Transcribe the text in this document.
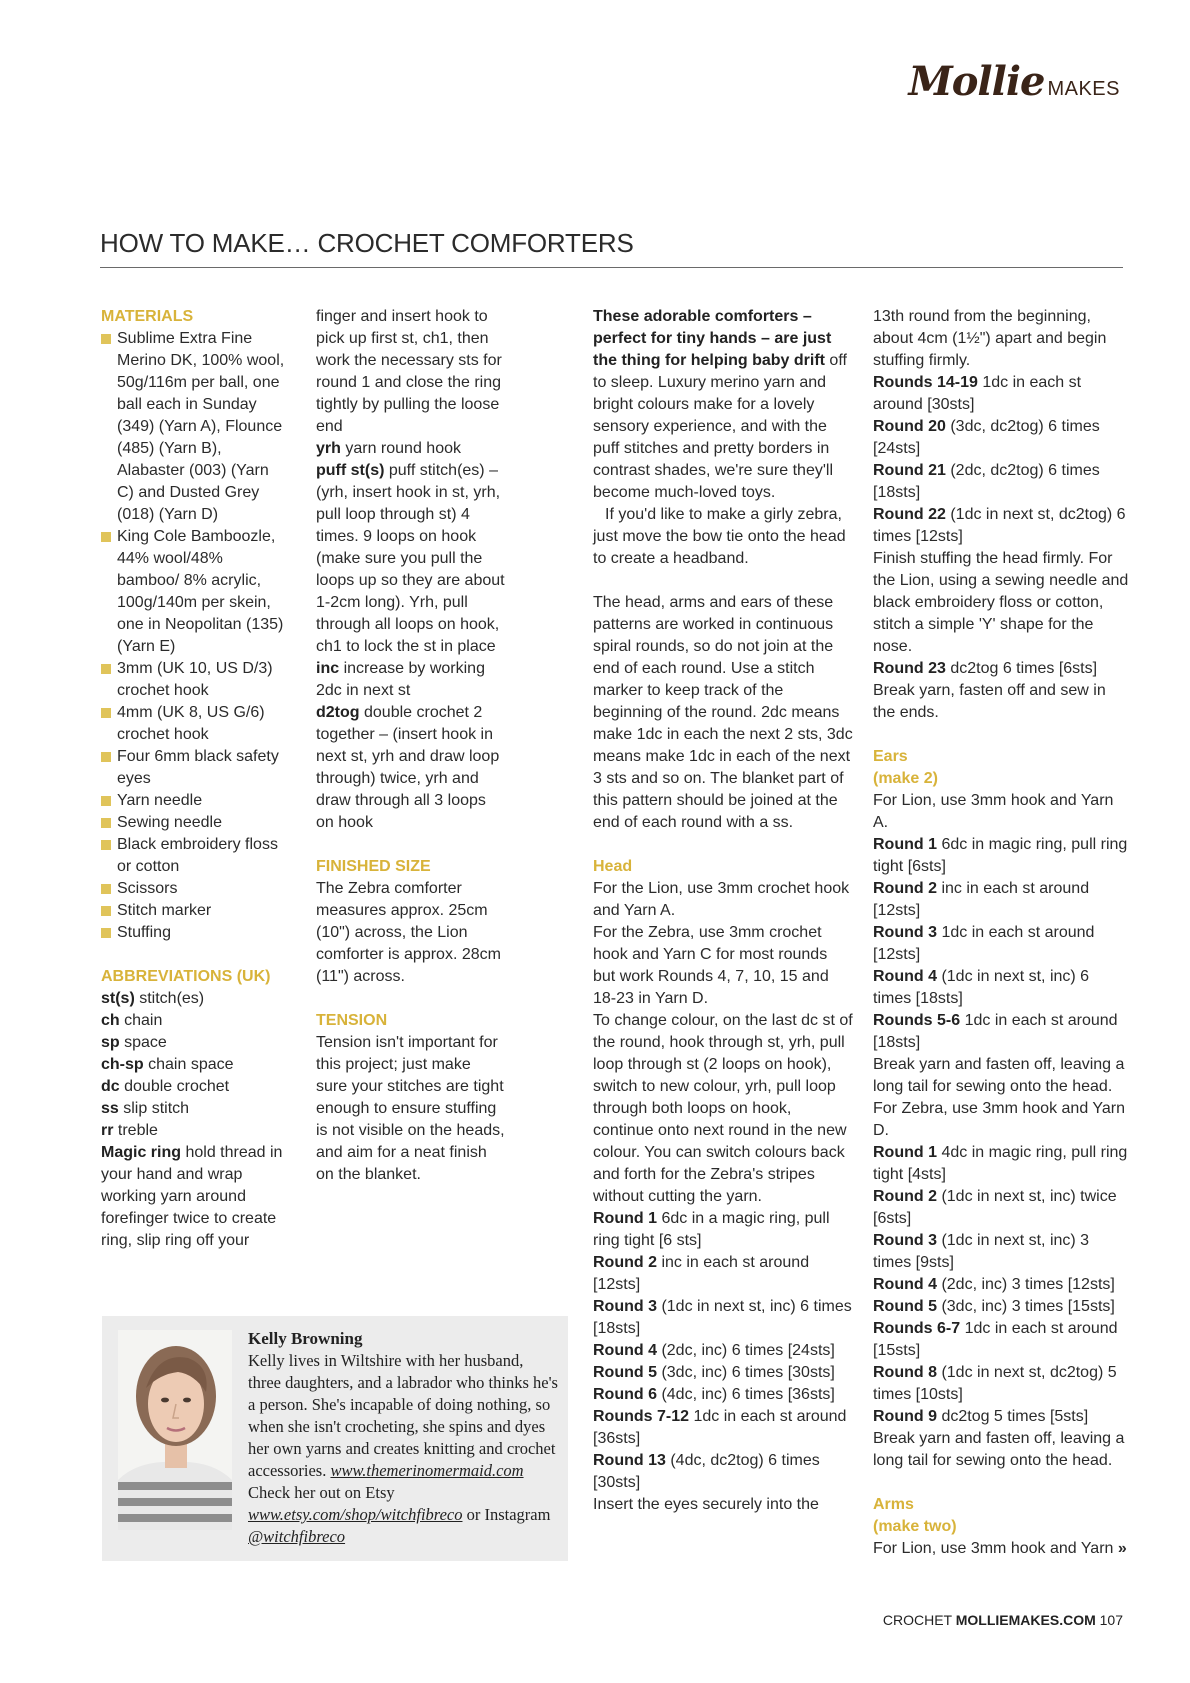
Mollie MAKES
HOW TO MAKE… CROCHET COMFORTERS

MATERIALS

Sublime Extra Fine Merino DK, 100% wool, 50g/116m per ball, one ball each in Sunday (349) (Yarn A), Flounce (485) (Yarn B), Alabaster (003) (Yarn C) and Dusted Grey (018) (Yarn D)
King Cole Bamboozle, 44% wool/48% bamboo/ 8% acrylic, 100g/140m per skein, one in Neopolitan (135) (Yarn E)
3mm (UK 10, US D/3) crochet hook
4mm (UK 8, US G/6) crochet hook
Four 6mm black safety eyes
Yarn needle
Sewing needle
Black embroidery floss or cotton
Scissors
Stitch marker
Stuffing

ABBREVIATIONS (UK)

st(s) stitch(es)

ch chain

sp space

ch-sp chain space

dc double crochet

ss slip stitch

rr treble

Magic ring hold thread in your hand and wrap working yarn around forefinger twice to create ring, slip ring off your

finger and insert hook to pick up first st, ch1, then work the necessary sts for round 1 and close the ring tightly by pulling the loose end

yrh yarn round hook

puff st(s) puff stitch(es) – (yrh, insert hook in st, yrh, pull loop through st) 4 times. 9 loops on hook (make sure you pull the loops up so they are about 1-2cm long). Yrh, pull through all loops on hook, ch1 to lock the st in place

inc increase by working 2dc in next st

d2tog double crochet 2 together – (insert hook in next st, yrh and draw loop through) twice, yrh and draw through all 3 loops on hook

FINISHED SIZE

The Zebra comforter measures approx. 25cm (10") across, the Lion comforter is approx. 28cm (11") across.

TENSION

Tension isn't important for this project; just make sure your stitches are tight enough to ensure stuffing is not visible on the heads, and aim for a neat finish on the blanket.

These adorable comforters – perfect for tiny hands – are just the thing for helping baby drift off to sleep. Luxury merino yarn and bright colours make for a lovely sensory experience, and with the puff stitches and pretty borders in contrast shades, we're sure they'll become much-loved toys.

If you'd like to make a girly zebra, just move the bow tie onto the head to create a headband.

The head, arms and ears of these patterns are worked in continuous spiral rounds, so do not join at the end of each round. Use a stitch marker to keep track of the beginning of the round. 2dc means make 1dc in each the next 2 sts, 3dc means make 1dc in each of the next 3 sts and so on. The blanket part of this pattern should be joined at the end of each round with a ss.

Head

For the Lion, use 3mm crochet hook and Yarn A.

For the Zebra, use 3mm crochet hook and Yarn C for most rounds but work Rounds 4, 7, 10, 15 and 18-23 in Yarn D.

To change colour, on the last dc st of the round, hook through st, yrh, pull loop through st (2 loops on hook), switch to new colour, yrh, pull loop through both loops on hook, continue onto next round in the new colour. You can switch colours back and forth for the Zebra's stripes without cutting the yarn.

Round 1 6dc in a magic ring, pull ring tight [6 sts]

Round 2 inc in each st around [12sts]

Round 3 (1dc in next st, inc) 6 times [18sts]

Round 4 (2dc, inc) 6 times [24sts]

Round 5 (3dc, inc) 6 times [30sts]

Round 6 (4dc, inc) 6 times [36sts]

Rounds 7-12 1dc in each st around [36sts]

Round 13 (4dc, dc2tog) 6 times [30sts]

Insert the eyes securely into the

13th round from the beginning, about 4cm (1½") apart and begin stuffing firmly.

Rounds 14-19 1dc in each st around [30sts]

Round 20 (3dc, dc2tog) 6 times [24sts]

Round 21 (2dc, dc2tog) 6 times [18sts]

Round 22 (1dc in next st, dc2tog) 6 times [12sts]

Finish stuffing the head firmly. For the Lion, using a sewing needle and black embroidery floss or cotton, stitch a simple 'Y' shape for the nose.

Round 23 dc2tog 6 times [6sts]

Break yarn, fasten off and sew in the ends.

Ears

(make 2)

For Lion, use 3mm hook and Yarn A.

Round 1 6dc in magic ring, pull ring tight [6sts]

Round 2 inc in each st around [12sts]

Round 3 1dc in each st around [12sts]

Round 4 (1dc in next st, inc) 6 times [18sts]

Rounds 5-6 1dc in each st around [18sts]

Break yarn and fasten off, leaving a long tail for sewing onto the head.

For Zebra, use 3mm hook and Yarn D.

Round 1 4dc in magic ring, pull ring tight [4sts]

Round 2 (1dc in next st, inc) twice [6sts]

Round 3 (1dc in next st, inc) 3 times [9sts]

Round 4 (2dc, inc) 3 times [12sts]

Round 5 (3dc, inc) 3 times [15sts]

Rounds 6-7 1dc in each st around [15sts]

Round 8 (1dc in next st, dc2tog) 5 times [10sts]

Round 9 dc2tog 5 times [5sts]

Break yarn and fasten off, leaving a long tail for sewing onto the head.

Arms

(make two)

For Lion, use 3mm hook and Yarn »

Kelly Browning

Kelly lives in Wiltshire with her husband, three daughters, and a labrador who thinks he's a person. She's incapable of doing nothing, so when she isn't crocheting, she spins and dyes her own yarns and creates knitting and crochet accessories. www.themerinomermaid.com Check her out on Etsy www.etsy.com/shop/witchfibreco or Instagram @witchfibreco

CROCHET MOLLIEMAKES.COM 107
